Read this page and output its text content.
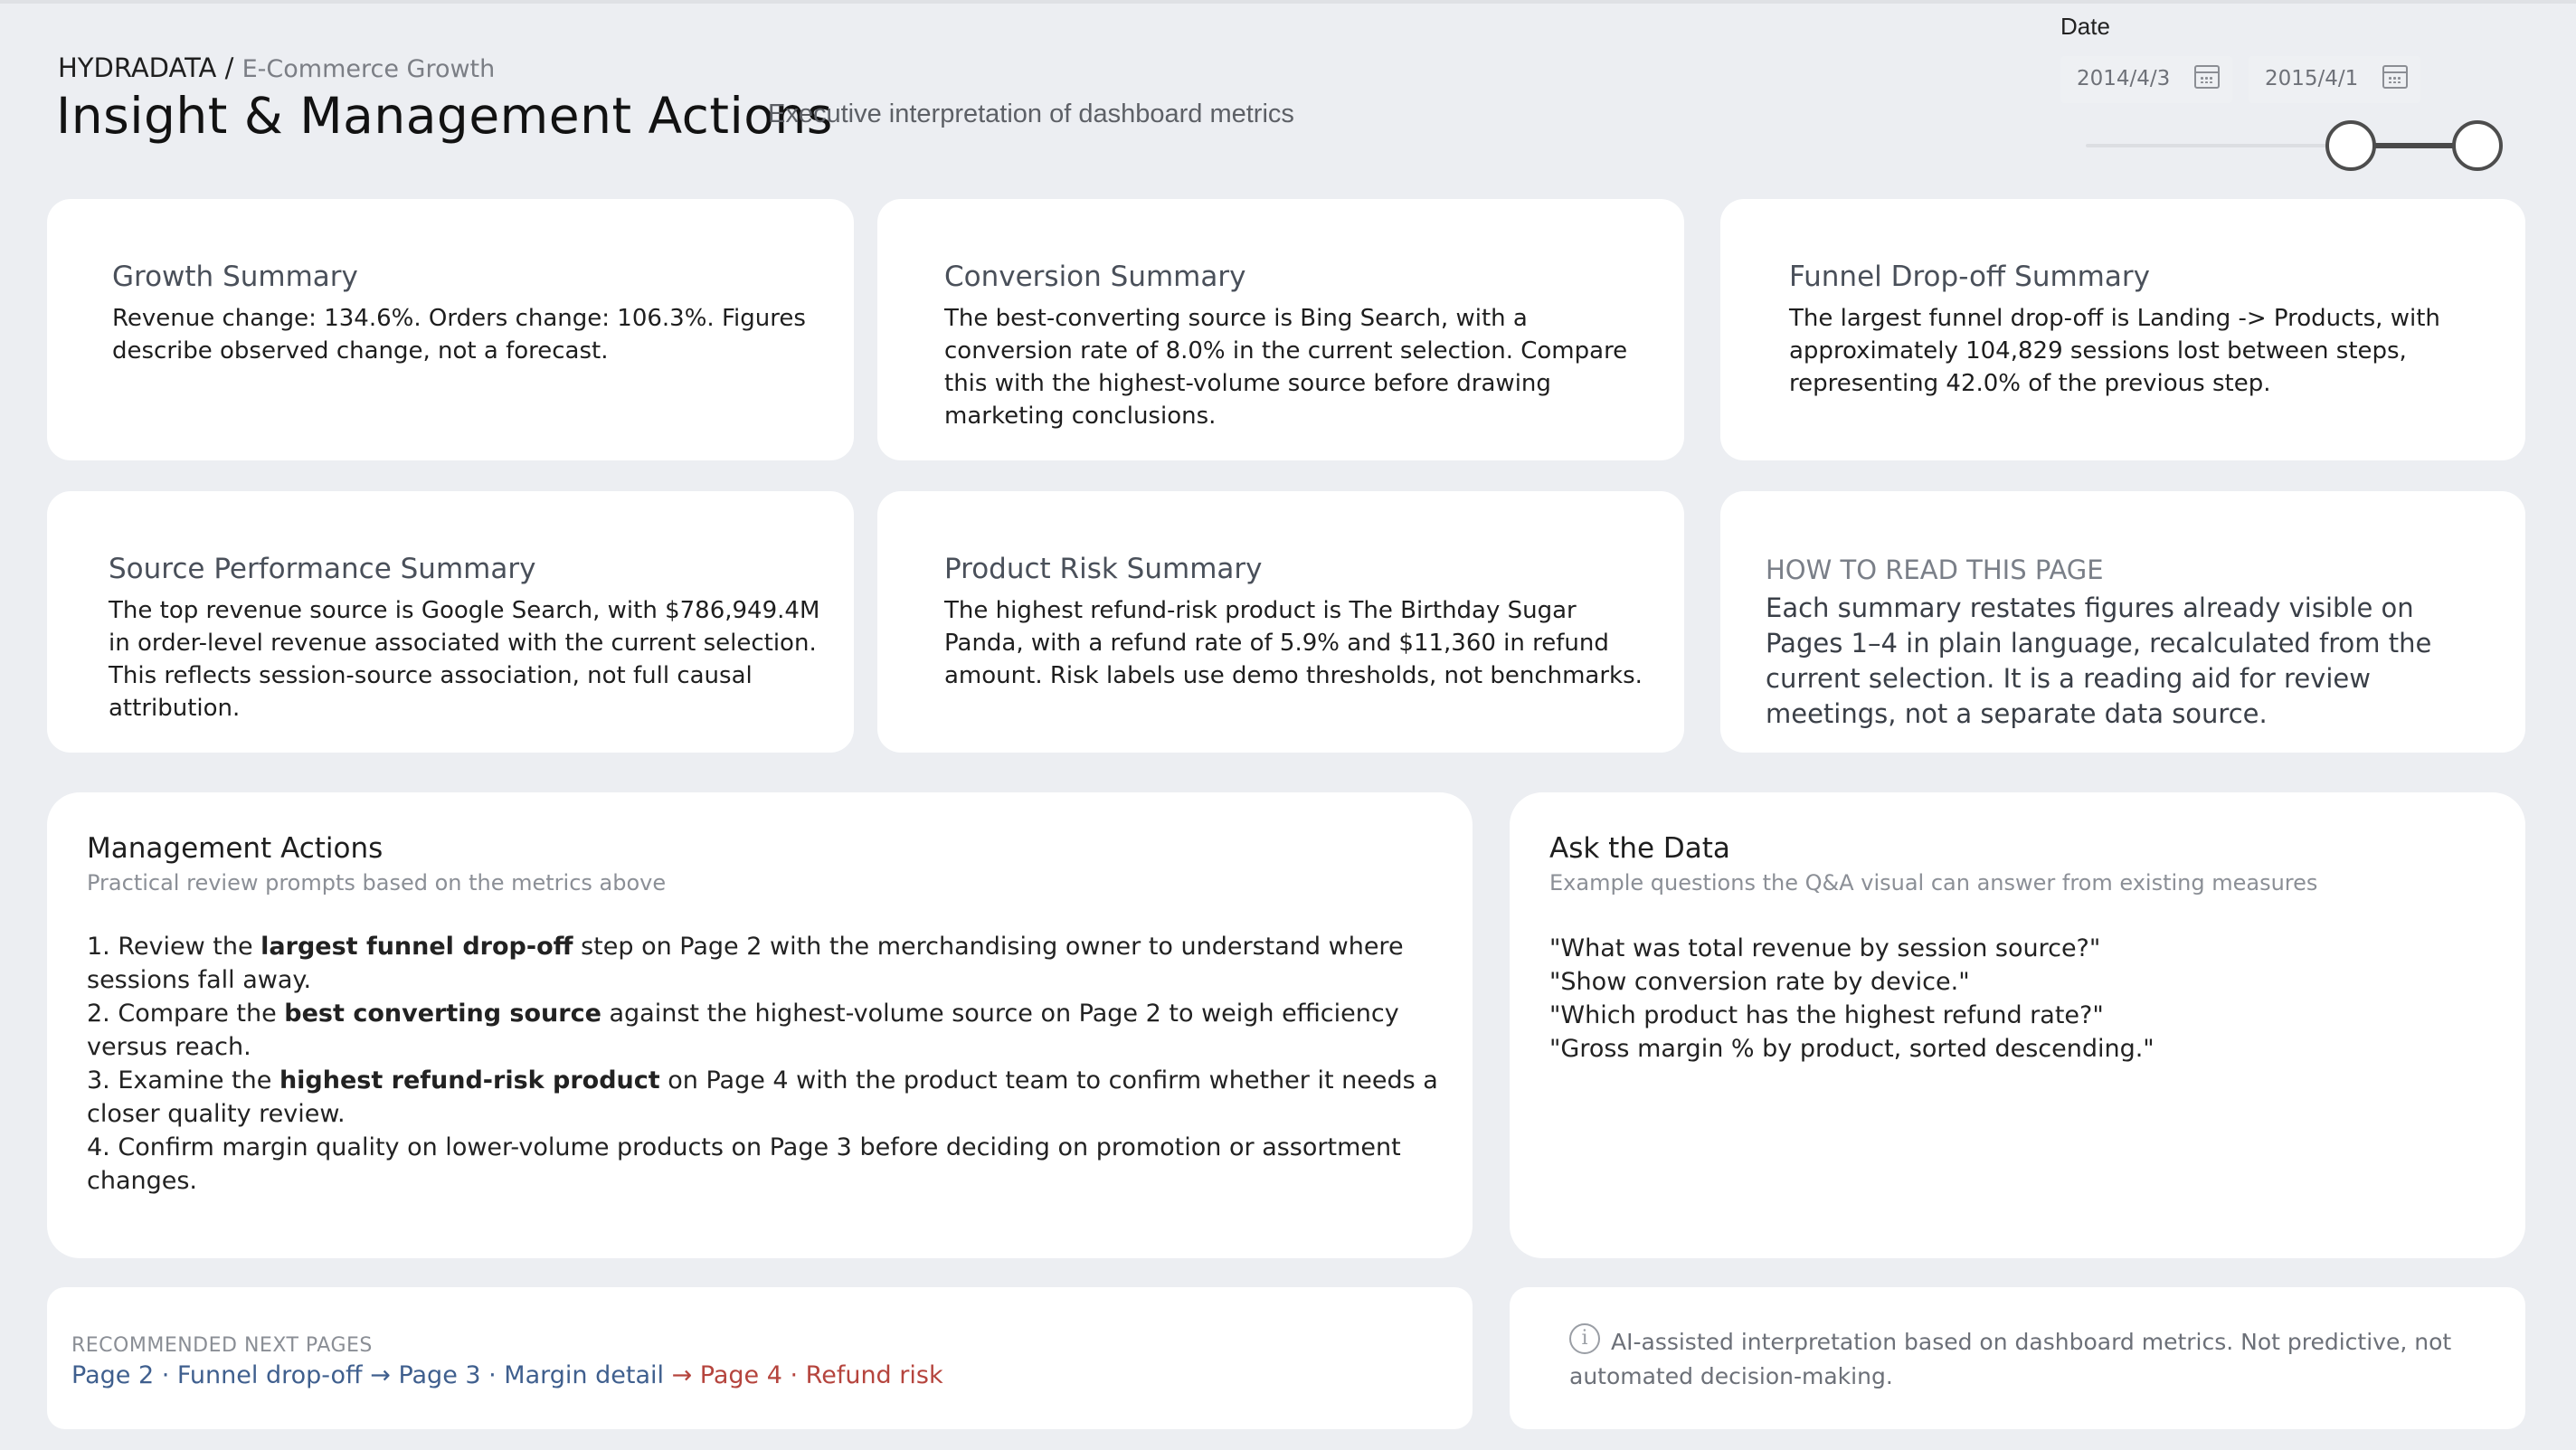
HYDRADATA / E-Commerce Growth
Insight & Management Actions
Executive interpretation of dashboard metrics
Date
2014/4/3	2015/4/1
Growth Summary
Revenue change: 134.6%. Orders change: 106.3%. Figures describe observed change, not a forecast.
Conversion Summary
The best-converting source is Bing Search, with a conversion rate of 8.0% in the current selection. Compare this with the highest-volume source before drawing marketing conclusions.
Funnel Drop-off Summary
The largest funnel drop-off is Landing -> Products, with approximately 104,829 sessions lost between steps, representing 42.0% of the previous step.
Source Performance Summary
The top revenue source is Google Search, with $786,949.4M in order-level revenue associated with the current selection. This reflects session-source association, not full causal attribution.
Product Risk Summary
The highest refund-risk product is The Birthday Sugar Panda, with a refund rate of 5.9% and $11,360 in refund amount. Risk labels use demo thresholds, not benchmarks.
HOW TO READ THIS PAGE
Each summary restates figures already visible on Pages 1–4 in plain language, recalculated from the current selection. It is a reading aid for review meetings, not a separate data source.
Management Actions
Practical review prompts based on the metrics above

1. Review the largest funnel drop-off step on Page 2 with the merchandising owner to understand where sessions fall away.

2. Compare the best converting source against the highest-volume source on Page 2 to weigh efficiency versus reach.

3. Examine the highest refund-risk product on Page 4 with the product team to confirm whether it needs a closer quality review.

4. Confirm margin quality on lower-volume products on Page 3 before deciding on promotion or assortment changes.

Ask the Data
Example questions the Q&A visual can answer from existing measures

"What was total revenue by session source?"

"Show conversion rate by device."

"Which product has the highest refund rate?"

"Gross margin % by product, sorted descending."

RECOMMENDED NEXT PAGES
Page 2 · Funnel drop-off → Page 3 · Margin detail → Page 4 · Refund risk
i	AI-assisted interpretation based on dashboard metrics. Not predictive, not automated decision-making.
